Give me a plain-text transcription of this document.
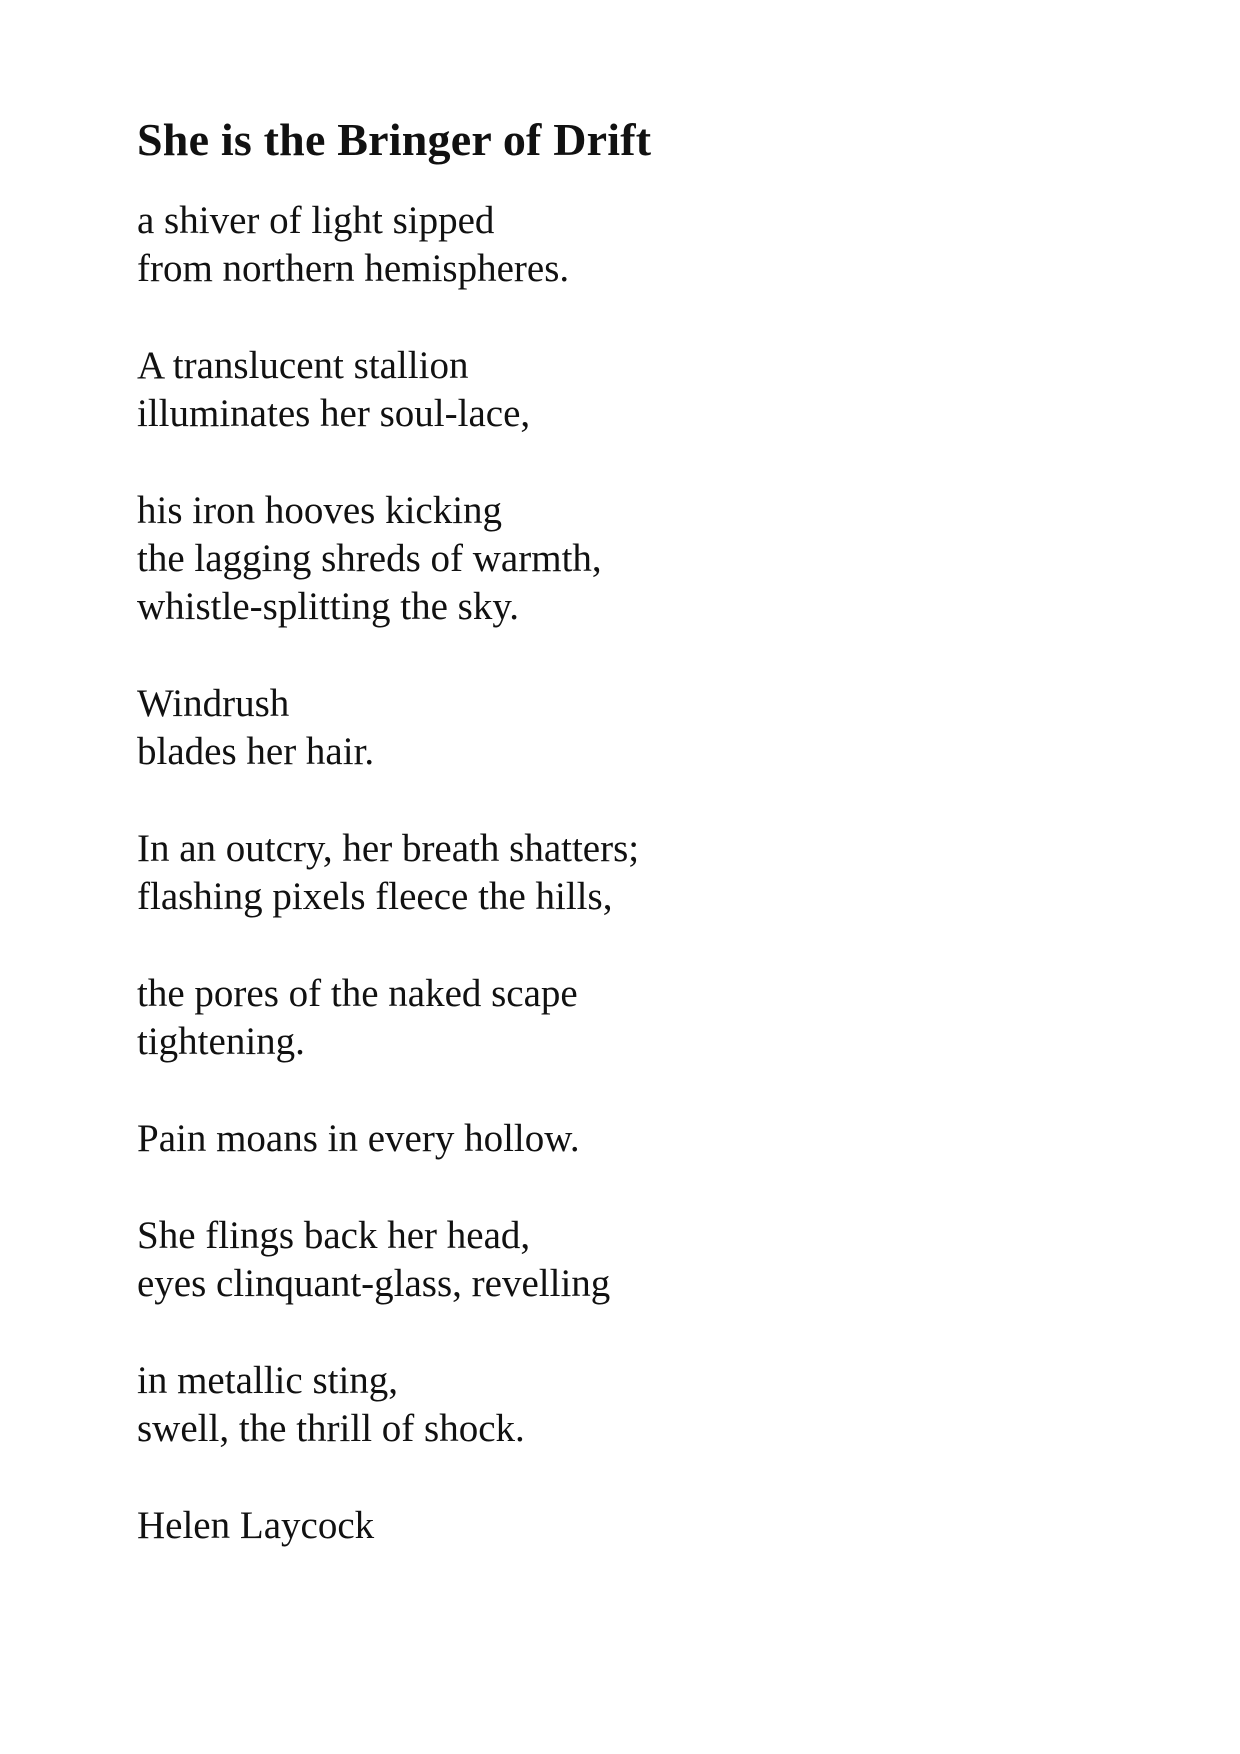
She is the Bringer of Drift
a shiver of light sipped
from northern hemispheres.
A translucent stallion
illuminates her soul-lace,
his iron hooves kicking
the lagging shreds of warmth,
whistle-splitting the sky.
Windrush
blades her hair.
In an outcry, her breath shatters;
flashing pixels fleece the hills,
the pores of the naked scape
tightening.
Pain moans in every hollow.
She flings back her head,
eyes clinquant-glass, revelling
in metallic sting,
swell, the thrill of shock.

Helen Laycock
